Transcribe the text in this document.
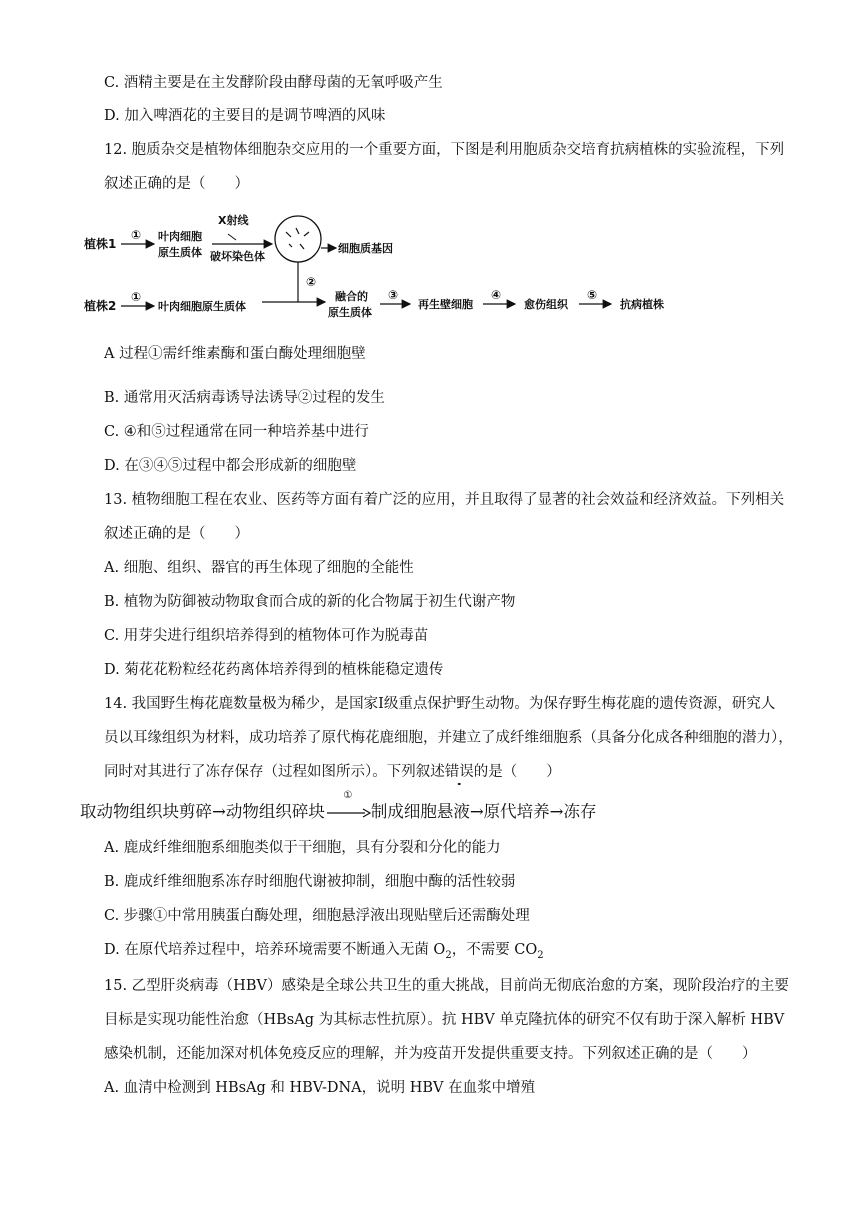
C. 酒精主要是在主发酵阶段由酵母菌的无氧呼吸产生
D. 加入啤酒花的主要目的是调节啤酒的风味
12. 胞质杂交是植物体细胞杂交应用的一个重要方面，下图是利用胞质杂交培育抗病植株的实验流程，下列
叙述正确的是（　　）
植株1
① 叶肉细胞
原生质体
X射线
破坏染色体
细胞质基因
②
植株2
①
叶肉细胞原生质体
融合的
原生质体
③
再生壁细胞
④
愈伤组织
⑤
抗病植株
A 过程①需纤维素酶和蛋白酶处理细胞壁
B. 通常用灭活病毒诱导法诱导②过程的发生
C. ④和⑤过程通常在同一种培养基中进行
D. 在③④⑤过程中都会形成新的细胞壁
13. 植物细胞工程在农业、医药等方面有着广泛的应用，并且取得了显著的社会效益和经济效益。下列相关
叙述正确的是（　　）
A. 细胞、组织、器官的再生体现了细胞的全能性
B. 植物为防御被动物取食而合成的新的化合物属于初生代谢产物
C. 用芽尖进行组织培养得到的植物体可作为脱毒苗
D. 菊花花粉粒经花药离体培养得到的植株能稳定遗传
14. 我国野生梅花鹿数量极为稀少，是国家Ⅰ级重点保护野生动物。为保存野生梅花鹿的遗传资源，研究人
员以耳缘组织为材料，成功培养了原代梅花鹿细胞，并建立了成纤维细胞系（具备分化成各种细胞的潜力），
同时对其进行了冻存保存（过程如图所示）。下列叙述错误的是（　　）
取动物组织块剪碎→动物组织碎块
①
制成细胞悬液→原代培养→冻存
A. 鹿成纤维细胞系细胞类似于干细胞，具有分裂和分化的能力
B. 鹿成纤维细胞系冻存时细胞代谢被抑制，细胞中酶的活性较弱
C. 步骤①中常用胰蛋白酶处理，细胞悬浮液出现贴壁后还需酶处理
D. 在原代培养过程中，培养环境需要不断通入无菌 $O_2$，不需要 $CO_2$
15. 乙型肝炎病毒（HBV）感染是全球公共卫生的重大挑战，目前尚无彻底治愈的方案，现阶段治疗的主要
目标是实现功能性治愈（HBsAg 为其标志性抗原）。抗 HBV 单克隆抗体的研究不仅有助于深入解析 HBV
感染机制，还能加深对机体免疫反应的理解，并为疫苗开发提供重要支持。下列叙述正确的是（　　）
A. 血清中检测到 HBsAg 和 HBV-DNA，说明 HBV 在血浆中增殖
